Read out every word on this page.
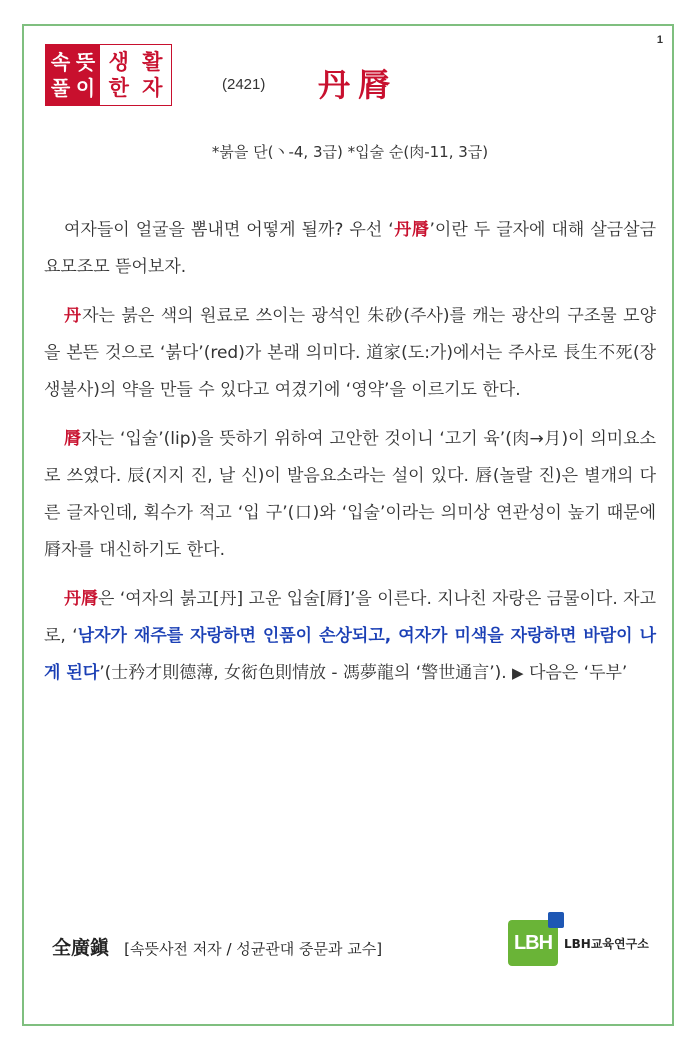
1
속 뜻
풀 이
생 활
한 자	(2421) 丹脣
*붉을 단(丶-4, 3급) *입술 순(肉-11, 3급)

여자들이 얼굴을 뽐내면 어떻게 될까? 우선 ‘丹脣’이란 두 글자에 대해 살금살금 요모조모 뜯어보자.

丹자는 붉은 색의 원료로 쓰이는 광석인 朱砂(주사)를 캐는 광산의 구조물 모양을 본뜬 것으로 ‘붉다’(red)가 본래 의미다. 道家(도:가)에서는 주사로 長生不死(장생불사)의 약을 만들 수 있다고 여겼기에 ‘영약’을 이르기도 한다.

脣자는 ‘입술’(lip)을 뜻하기 위하여 고안한 것이니 ‘고기 육’(肉→月)이 의미요소로 쓰였다. 辰(지지 진, 날 신)이 발음요소라는 설이 있다. 唇(놀랄 진)은 별개의 다른 글자인데, 획수가 적고 ‘입 구’(口)와 ‘입술’이라는 의미상 연관성이 높기 때문에 脣자를 대신하기도 한다.

丹脣은 ‘여자의 붉고[丹] 고운 입술[脣]’을 이른다. 지나친 자랑은 금물이다. 자고로, ‘남자가 재주를 자랑하면 인품이 손상되고, 여자가 미색을 자랑하면 바람이 나게 된다’(士矜才則德薄, 女衒色則情放 - 馮夢龍의 ‘警世通言’). ▶ 다음은 ‘두부’

全廣鎭 [속뜻사전 저자 / 성균관대 중문과 교수]	LBH LBH교육연구소
